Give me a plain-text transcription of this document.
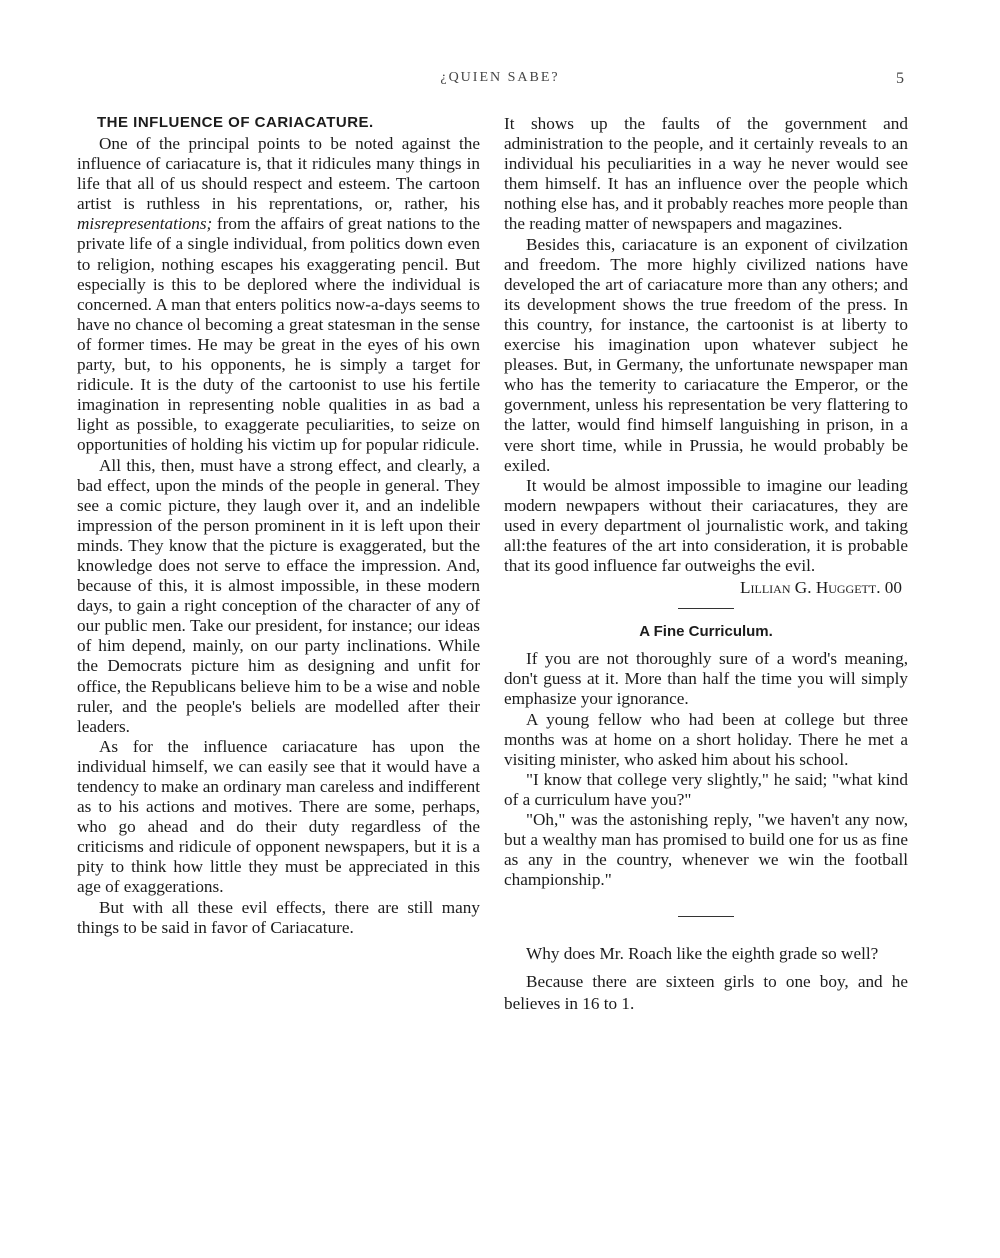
¿QUIEN SABE?	5
THE INFLUENCE OF CARIACATURE.

One of the principal points to be noted against the influence of cariacature is, that it ridicules many things in life that all of us should respect and esteem. The cartoon artist is ruthless in his reprentations, or, rather, his misrepresentations; from the affairs of great nations to the private life of a single individual, from politics down even to religion, nothing escapes his exaggerating pencil. But especially is this to be deplored where the individual is concerned. A man that enters politics now-a-days seems to have no chance ol becoming a great statesman in the sense of former times. He may be great in the eyes of his own party, but, to his opponents, he is simply a target for ridicule. It is the duty of the cartoonist to use his fertile imagination in representing noble qualities in as bad a light as possible, to exaggerate peculiarities, to seize on opportunities of holding his victim up for popular ridicule.

All this, then, must have a strong effect, and clearly, a bad effect, upon the minds of the people in general. They see a comic picture, they laugh over it, and an indelible impression of the person prominent in it is left upon their minds. They know that the picture is exaggerated, but the knowledge does not serve to efface the impression. And, because of this, it is almost impossible, in these modern days, to gain a right conception of the character of any of our public men. Take our president, for instance; our ideas of him depend, mainly, on our party inclinations. While the Democrats picture him as designing and unfit for office, the Republicans believe him to be a wise and noble ruler, and the people's beliels are modelled after their leaders.

As for the influence cariacature has upon the individual himself, we can easily see that it would have a tendency to make an ordinary man careless and indifferent as to his actions and motives. There are some, perhaps, who go ahead and do their duty regardless of the criticisms and ridicule of opponent newspapers, but it is a pity to think how little they must be appreciated in this age of exaggerations.

But with all these evil effects, there are still many things to be said in favor of Cariacature.

It shows up the faults of the government and administration to the people, and it certainly reveals to an individual his peculiarities in a way he never would see them himself. It has an influence over the people which nothing else has, and it probably reaches more people than the reading matter of newspapers and magazines.

Besides this, cariacature is an exponent of civilzation and freedom. The more highly civilized nations have developed the art of cariacature more than any others; and its development shows the true freedom of the press. In this country, for instance, the cartoonist is at liberty to exercise his imagination upon whatever subject he pleases. But, in Germany, the unfortunate newspaper man who has the temerity to cariacature the Emperor, or the government, unless his representation be very flattering to the latter, would find himself languishing in prison, in a vere short time, while in Prussia, he would probably be exiled.

It would be almost impossible to imagine our leading modern newpapers without their cariacatures, they are used in every department ol journalistic work, and taking all:the features of the art into consideration, it is probable that its good influence far outweighs the evil.

Lillian G. Huggett. 00
A Fine Curriculum.

If you are not thoroughly sure of a word's meaning, don't guess at it. More than half the time you will simply emphasize your ignorance.

A young fellow who had been at college but three months was at home on a short holiday. There he met a visiting minister, who asked him about his school.

"I know that college very slightly," he said; "what kind of a curriculum have you?"

"Oh," was the astonishing reply, "we haven't any now, but a wealthy man has promised to build one for us as fine as any in the country, whenever we win the football championship."

Why does Mr. Roach like the eighth grade so well?

Because there are sixteen girls to one boy, and he believes in 16 to 1.
